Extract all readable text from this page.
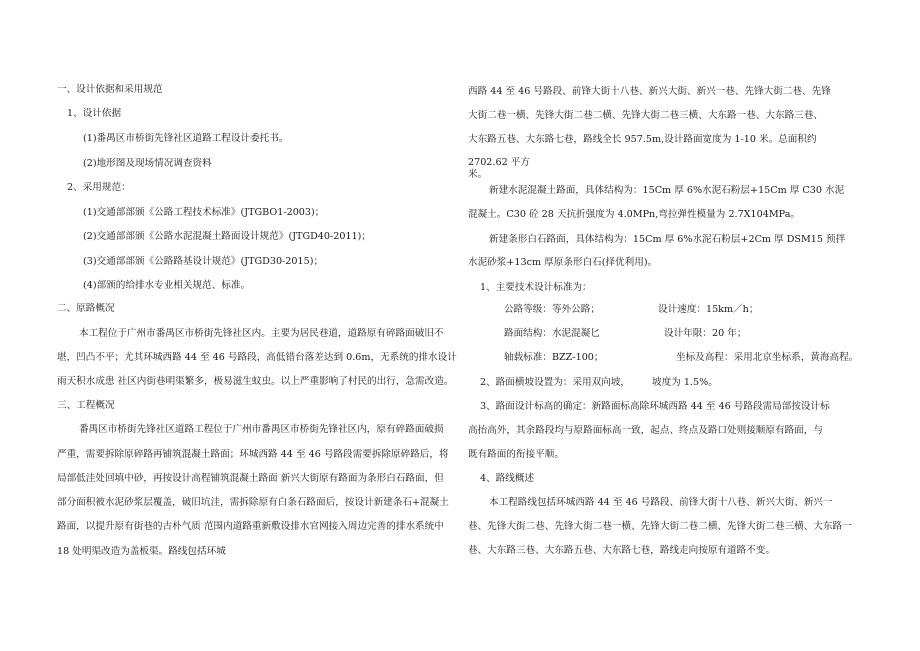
一、设计依据和采用规范
1、设计依据
(1)番禺区市桥街先锋社区道路工程设计委托书。
(2)地形图及现场情况调查资料
2、采用规范：
(1)交通部部颁《公路工程技术标准》(JTGBO1-2003)；
(2)交通部部颁《公路水泥混凝土路面设计规范》(JTGD40-2011)；
(3)交通部部颁《公路路基设计规范》(JTGD30-2015)；
(4)部颁的给排水专业相关规范、标准。
二、原路概况
本工程位于广州市番禺区市桥街先锋社区内。主要为居民巷道，道路原有碎路面破旧不
堪，凹凸不平；尤其环城西路 44 至 46 号路段，高低错台落差达到 0.6m，无系统的排水设计
雨天积水成患 社区内街巷明渠繁多，极易滋生蚊虫。以上严重影响了村民的出行，急需改造。
三、工程概况
番禺区市桥街先锋社区道路工程位于广州市番禺区市桥街先锋社区内，原有碎路面破损
严重，需要拆除原碎路再铺筑混凝土路面；环城西路 44 至 46 号路段需要拆除原碎路后，将
局部低洼处回填中砂，再按设计高程铺筑混凝土路面 新兴大街原有路面为条形白石路面，但
部分面积被水泥砂浆层覆盖，破旧坑洼，需拆除原有白条石路面后，按设计新建条石+混凝土
路面，以提升原有街巷的古朴气质 范围内道路重新敷设排水官网接入周边完善的排水系统中
18 处明渠改造为盖板渠。路线包括环城
西路 44 至 46 号路段、前锋大街十八巷、新兴大街、新兴一巷、先锋大街二巷、先锋
大街二巷一横、先锋大街二巷二横、先锋大街二巷三横、大东路一巷、大东路三巷、
大东路五巷、大东路七巷，路线全长 957.5m,设计路面宽度为 1-10 米。总面积约
2702.62 平方
米。
新建水泥混凝土路面，具体结构为：15Cm 厚 6%水泥石粉层+15Cm 厚 C30 水泥
混凝土。C30 砼 28 天抗折强度为 4.0MPn,弯拉弹性模量为 2.7X104MPa。
新建条形白石路面，具体结构为：15Cm 厚 6%水泥石粉层+2Cm 厚 DSM15 预拌
水泥砂浆+13cm 厚原条形白石(择优利用)。
1、主要技术设计标准为：
公路等级：等外公路；	设计速度：15km／h；
路面结构：水泥混凝匕	设计年限：20 年；
轴载标准：BZZ-100；	坐标及高程：采用北京坐标系，黄海高程。
2、路面横坡设置为：采用双向坡， 坡度为 1.5%。
3、路面设计标高的确定：新路面标高除环城西路 44 至 46 号路段需局部按设计标
高抬高外，其余路段均与原路面标高一致，起点、终点及路口处则接顺原有路面，与
既有路面的衔接平顺。
4、路线概述
本工程路线包括环城西路 44 至 46 号路段、前锋大街十八巷、新兴大街、新兴一
巷、先锋大街二巷、先锋大街二巷一横、先锋大街二巷二横、先锋大街二巷三横、大东路一
巷、大东路三巷、大东路五巷、大东路七巷，路线走向按原有道路不变。
